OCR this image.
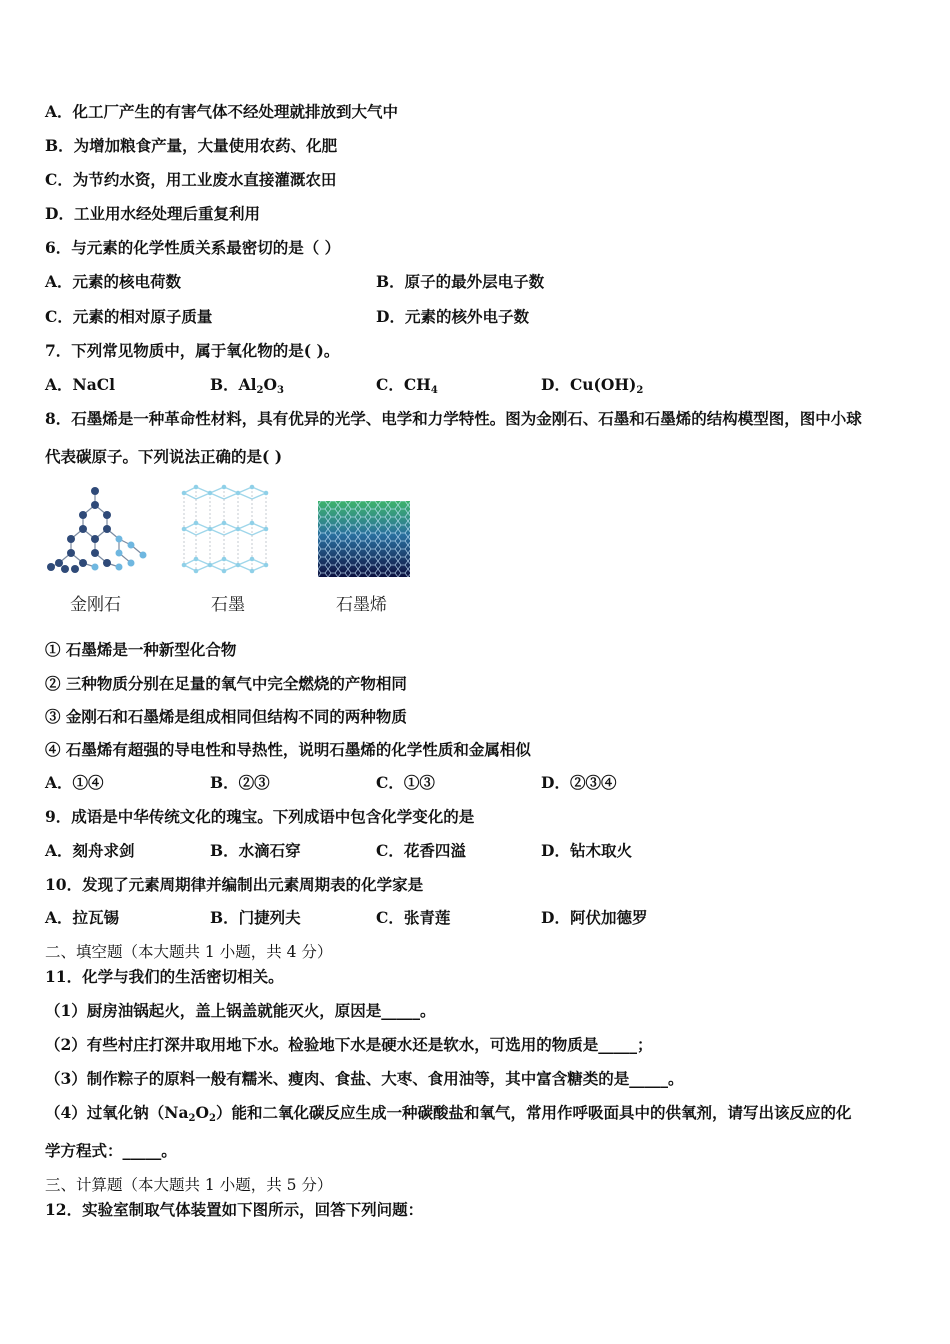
A．化工厂产生的有害气体不经处理就排放到大气中
B．为增加粮食产量，大量使用农药、化肥
C．为节约水资，用工业废水直接灌溉农田
D．工业用水经处理后重复利用
6．与元素的化学性质关系最密切的是（ ）
A．元素的核电荷数	B．原子的最外层电子数
C．元素的相对原子质量	D．元素的核外电子数
7．下列常见物质中，属于氧化物的是( )。
A．NaCl	B．$Al_2O_3$	C．$CH_4$	D．$Cu(OH)_2$
8．石墨烯是一种革命性材料，具有优异的光学、电学和力学特性。图为金刚石、石墨和石墨烯的结构模型图，图中小球
代表碳原子。下列说法正确的是( )
金刚石	石墨	石墨烯
① 石墨烯是一种新型化合物
② 三种物质分别在足量的氧气中完全燃烧的产物相同
③ 金刚石和石墨烯是组成相同但结构不同的两种物质
④ 石墨烯有超强的导电性和导热性，说明石墨烯的化学性质和金属相似
A．①④	B．②③	C．①③	D．②③④
9．成语是中华传统文化的瑰宝。下列成语中包含化学变化的是
A．刻舟求剑	B．水滴石穿	C．花香四溢	D．钻木取火
10．发现了元素周期律并编制出元素周期表的化学家是
A．拉瓦锡	B．门捷列夫	C．张青莲	D．阿伏加德罗
二、填空题（本大题共 1 小题，共 4 分）
11．化学与我们的生活密切相关。
（1）厨房油锅起火，盖上锅盖就能灭火，原因是_____。
（2）有些村庄打深井取用地下水。检验地下水是硬水还是软水，可选用的物质是_____；
（3）制作粽子的原料一般有糯米、瘦肉、食盐、大枣、食用油等，其中富含糖类的是_____。
（4）过氧化钠$(Na_2O_2)$能和二氧化碳反应生成一种碳酸盐和氧气，常用作呼吸面具中的供氧剂，请写出该反应的化
学方程式：_____。
三、计算题（本大题共 1 小题，共 5 分）
12．实验室制取气体装置如下图所示，回答下列问题：
